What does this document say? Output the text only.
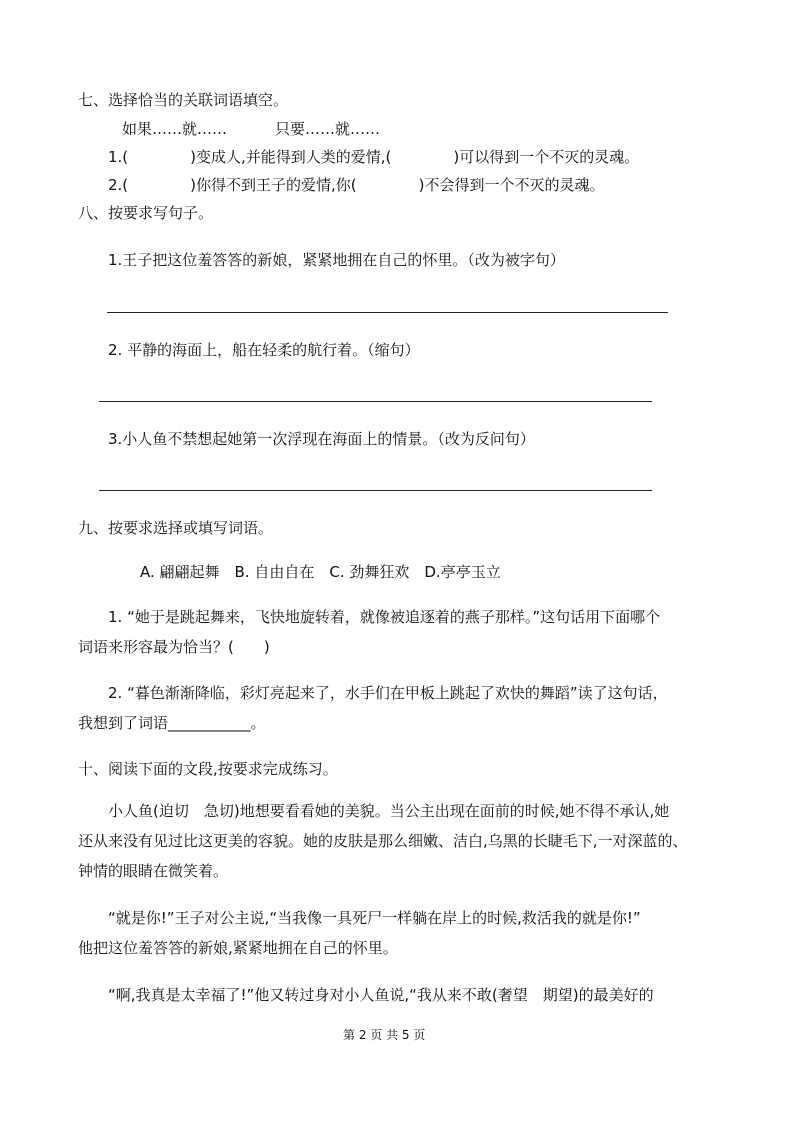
七、选择恰当的关联词语填空。
如果……就……	只要……就……
1.(	)变成人,并能得到人类的爱情,(	)可以得到一个不灭的灵魂。
2.(	)你得不到王子的爱情,你(	)不会得到一个不灭的灵魂。
八、按要求写句子。
1.王子把这位羞答答的新娘，紧紧地拥在自己的怀里。（改为被字句）
2. 平静的海面上，船在轻柔的航行着。（缩句）
3.小人鱼不禁想起她第一次浮现在海面上的情景。（改为反问句）
九、按要求选择或填写词语。
A. 翩翩起舞　B. 自由自在　C. 劲舞狂欢　D.亭亭玉立
1. “她于是跳起舞来，飞快地旋转着，就像被追逐着的燕子那样。”这句话用下面哪个
词语来形容最为恰当？(　　)
2. “暮色渐渐降临，彩灯亮起来了，水手们在甲板上跳起了欢快的舞蹈”读了这句话，
我想到了词语___________。
十、阅读下面的文段,按要求完成练习。
小人鱼(迫切　急切)地想要看看她的美貌。当公主出现在面前的时候,她不得不承认,她
还从来没有见过比这更美的容貌。她的皮肤是那么细嫩、洁白,乌黑的长睫毛下,一对深蓝的、
钟情的眼睛在微笑着。
“就是你!”王子对公主说,“当我像一具死尸一样躺在岸上的时候,救活我的就是你!”
他把这位羞答答的新娘,紧紧地拥在自己的怀里。
“啊,我真是太幸福了!”他又转过身对小人鱼说,“我从来不敢(奢望　期望)的最美好的
第 2 页 共 5 页
